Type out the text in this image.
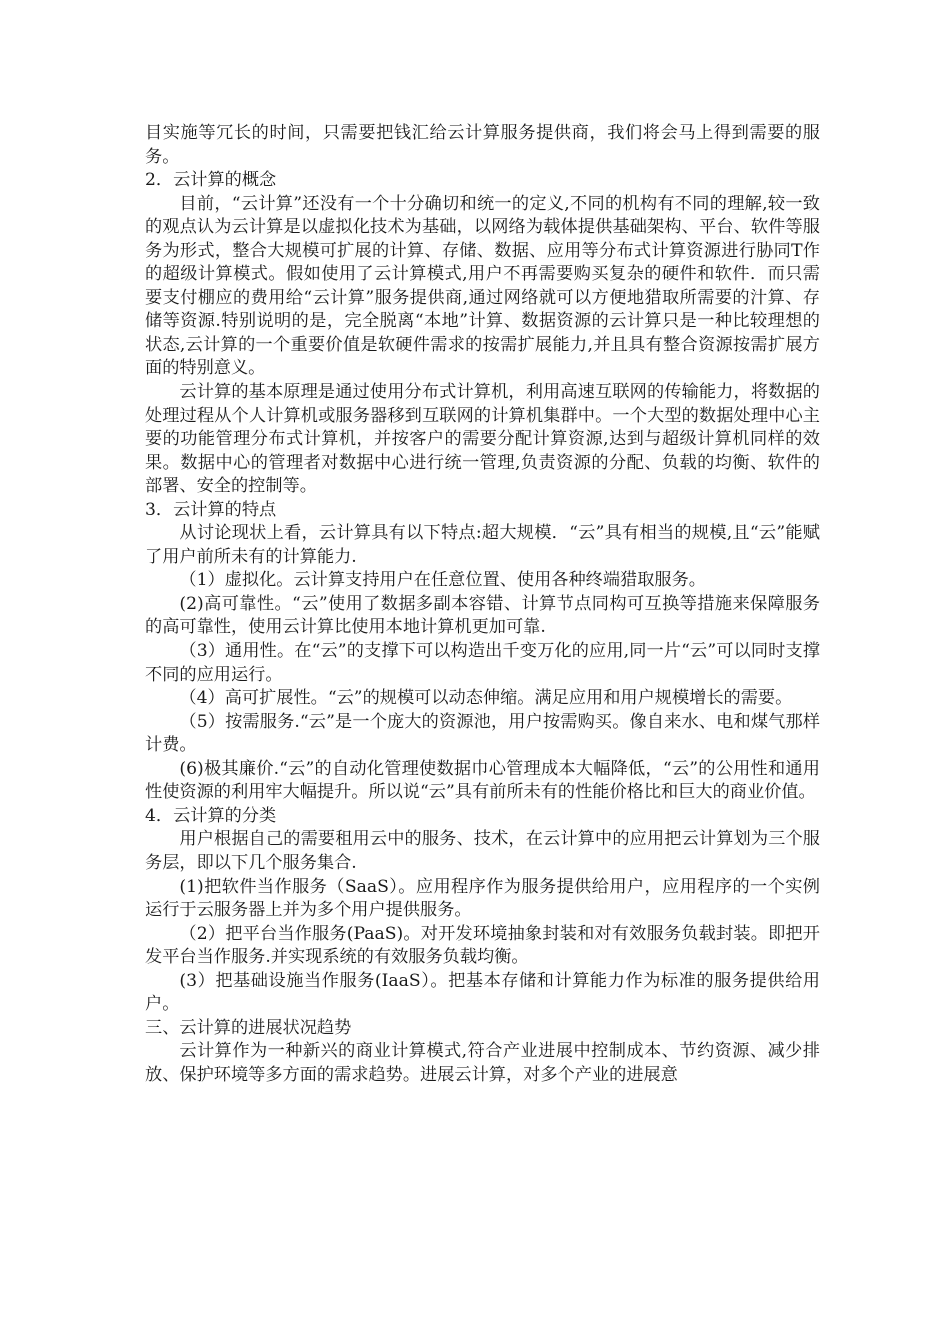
目实施等冗长的时间，只需要把钱汇给云计算服务提供商，我们将会马上得到需要的服务。

2．云计算的概念

目前，“云计算”还没有一个十分确切和统一的定义,不同的机构有不同的理解,较一致的观点认为云计算是以虚拟化技术为基础，以网络为载体提供基础架构、平台、软件等服务为形式，整合大规模可扩展的计算、存储、数据、应用等分布式计算资源进行胁同T作的超级计算模式。假如使用了云计算模式,用户不再需要购买复杂的硬件和软件．而只需要支付棚应的费用给“云计算”服务提供商,通过网络就可以方便地猎取所需要的汁算、存储等资源.特别说明的是，完全脱离“本地”计算、数据资源的云计算只是一种比较理想的状态,云计算的一个重要价值是软硬件需求的按需扩展能力,并且具有整合资源按需扩展方面的特别意义。

云计算的基本原理是通过使用分布式计算机，利用高速互联网的传输能力，将数据的处理过程从个人计算机或服务器移到互联网的计算机集群中。一个大型的数据处理中心主要的功能管理分布式计算机，并按客户的需要分配计算资源,达到与超级计算机同样的效果。数据中心的管理者对数据中心进行统一管理,负责资源的分配、负载的均衡、软件的部署、安全的控制等。

3．云计算的特点

从讨论现状上看，云计算具有以下特点:超大规模．“云”具有相当的规模,且“云”能赋了用户前所未有的计算能力.

（1）虚拟化。云计算支持用户在任意位置、使用各种终端猎取服务。

(2)高可靠性。“云”使用了数据多副本容错、计算节点同构可互换等措施来保障服务的高可靠性，使用云计算比使用本地计算机更加可靠.

（3）通用性。在“云”的支撑下可以构造出千变万化的应用,同一片“云”可以同时支撑不同的应用运行。

（4）高可扩展性。“云”的规模可以动态伸缩。满足应用和用户规模增长的需要。

（5）按需服务.“云”是一个庞大的资源池，用户按需购买。像自来水、电和煤气那样计费。

(6)极其廉价.“云”的自动化管理使数据巾心管理成本大幅降低，“云”的公用性和通用性使资源的利用牢大幅提升。所以说“云”具有前所未有的性能价格比和巨大的商业价值。

4．云计算的分类

用户根据自己的需要租用云中的服务、技术，在云计算中的应用把云计算划为三个服务层，即以下几个服务集合.

(1)把软件当作服务（SaaS）。应用程序作为服务提供给用户，应用程序的一个实例运行于云服务器上并为多个用户提供服务。

（2）把平台当作服务(PaaS)。对开发环境抽象封装和对有效服务负载封装。即把开发平台当作服务.并实现系统的有效服务负载均衡。

(3）把基础设施当作服务(IaaS）。把基本存储和计算能力作为标准的服务提供给用户。

三、云计算的进展状况趋势

云计算作为一种新兴的商业计算模式,符合产业进展中控制成本、节约资源、减少排放、保护环境等多方面的需求趋势。进展云计算，对多个产业的进展意
